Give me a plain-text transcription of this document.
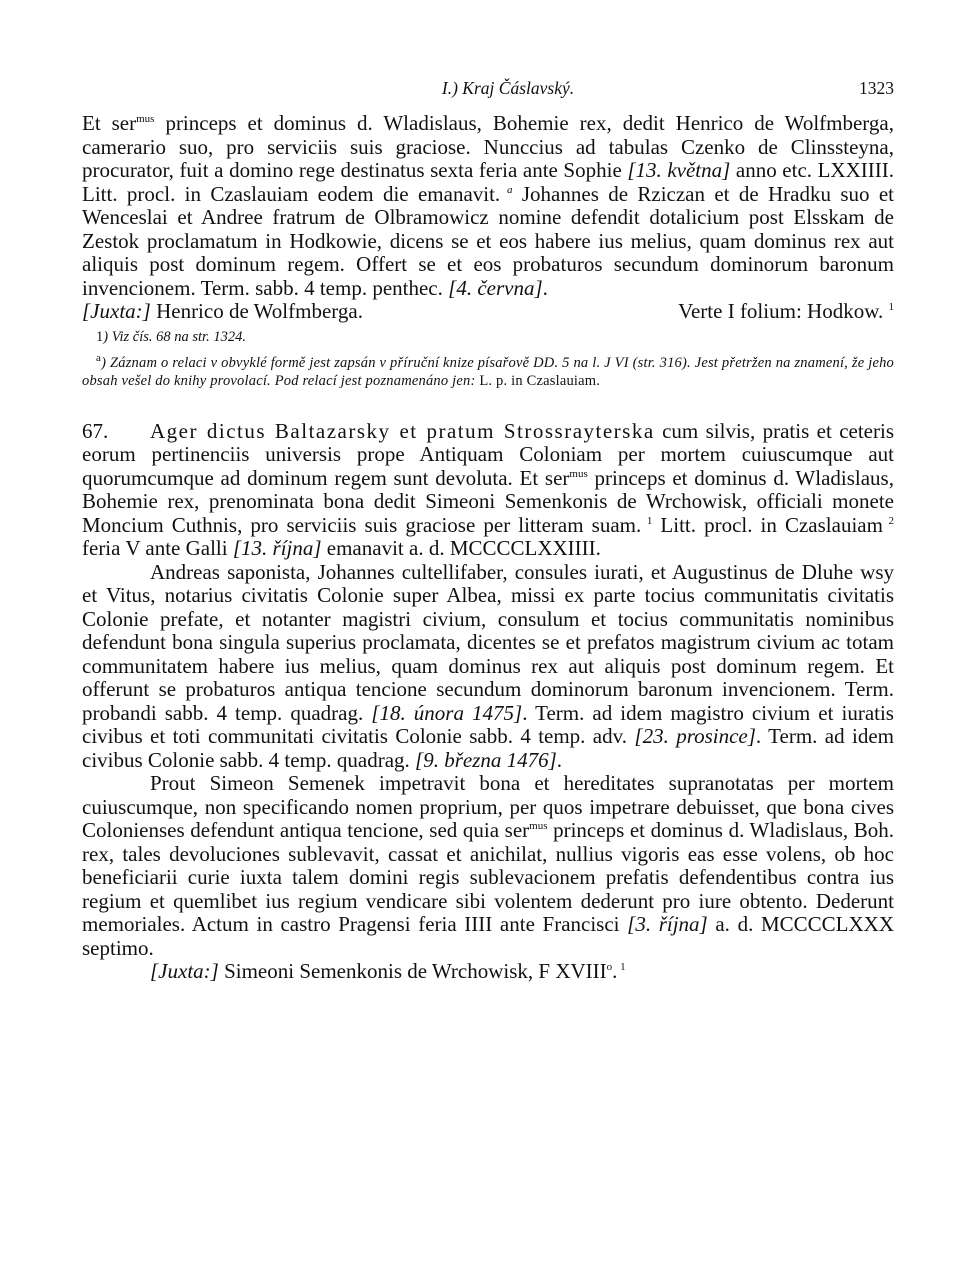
I.) Kraj Čáslavský.	1323

Et ser$^{mus}$ princeps et dominus d. Wladislaus, Bohemie rex, dedit Henrico de Wolfmberga, camerario suo, pro serviciis suis graciose. Nunccius ad tabulas Czenko de Clinssteyna, procurator, fuit a domino rege destinatus sexta feria ante Sophie [13. května] anno etc. LXXIIII. Litt. procl. in Czaslauiam eodem die emanavit. $^a$ Johannes de Rziczan et de Hradku suo et Wenceslai et Andree fratrum de Olbramowicz nomine defendit dotalicium post Elsskam de Zestok proclamatum in Hodkowie, dicens se et eos habere ius melius, quam dominus rex aut aliquis post dominum regem. Offert se et eos probaturos secundum dominorum baronum invencionem. Term. sabb. 4 temp. penthec. [4. června].

[Juxta:] Henrico de Wolfmberga.	Verte I folium: Hodkow. $^1$

1) Viz čís. 68 na str. 1324.

$^a$) Záznam o relaci v obvyklé formě jest zapsán v příruční knize písařově DD. 5 na l. J VI (str. 316). Jest přetržen na znamení, že jeho obsah vešel do knihy provolací. Pod relací jest poznamenáno jen: L. p. in Czaslauiam.

67. Ager dictus Baltazarsky et pratum Strossrayterska cum silvis, pratis et ceteris eorum pertinenciis universis prope Antiquam Coloniam per mortem cuiuscumque aut quorumcumque ad dominum regem sunt devoluta. Et ser$^{mus}$ princeps et dominus d. Wladislaus, Bohemie rex, prenominata bona dedit Simeoni Semenkonis de Wrchowisk, officiali monete Moncium Cuthnis, pro serviciis suis graciose per litteram suam. $^1$ Litt. procl. in Czaslauiam $^2$ feria V ante Galli [13. října] emanavit a. d. MCCCCLXXIIII.

Andreas saponista, Johannes cultellifaber, consules iurati, et Augustinus de Dluhe wsy et Vitus, notarius civitatis Colonie super Albea, missi ex parte tocius communitatis civitatis Colonie prefate, et notanter magistri civium, consulum et tocius communitatis nominibus defendunt bona singula superius proclamata, dicentes se et prefatos magistrum civium ac totam communitatem habere ius melius, quam dominus rex aut aliquis post dominum regem. Et offerunt se probaturos antiqua tencione secundum dominorum baronum invencionem. Term. probandi sabb. 4 temp. quadrag. [18. února 1475]. Term. ad idem magistro civium et iuratis civibus et toti communitati civitatis Colonie sabb. 4 temp. adv. [23. prosince]. Term. ad idem civibus Colonie sabb. 4 temp. quadrag. [9. března 1476].

Prout Simeon Semenek impetravit bona et hereditates supranotatas per mortem cuiuscumque, non specificando nomen proprium, per quos impetrare debuisset, que bona cives Colonienses defendunt antiqua tencione, sed quia ser$^{mus}$ princeps et dominus d. Wladislaus, Boh. rex, tales devoluciones sublevavit, cassat et anichilat, nullius vigoris eas esse volens, ob hoc beneficiarii curie iuxta talem domini regis sublevacionem prefatis defendentibus contra ius regium et quemlibet ius regium vendicare sibi volentem dederunt pro iure obtento. Dederunt memoriales. Actum in castro Pragensi feria IIII ante Francisci [3. října] a. d. MCCCCLXXX septimo.

[Juxta:] Simeoni Semenkonis de Wrchowisk, F XVIII$^o$. $^1$
